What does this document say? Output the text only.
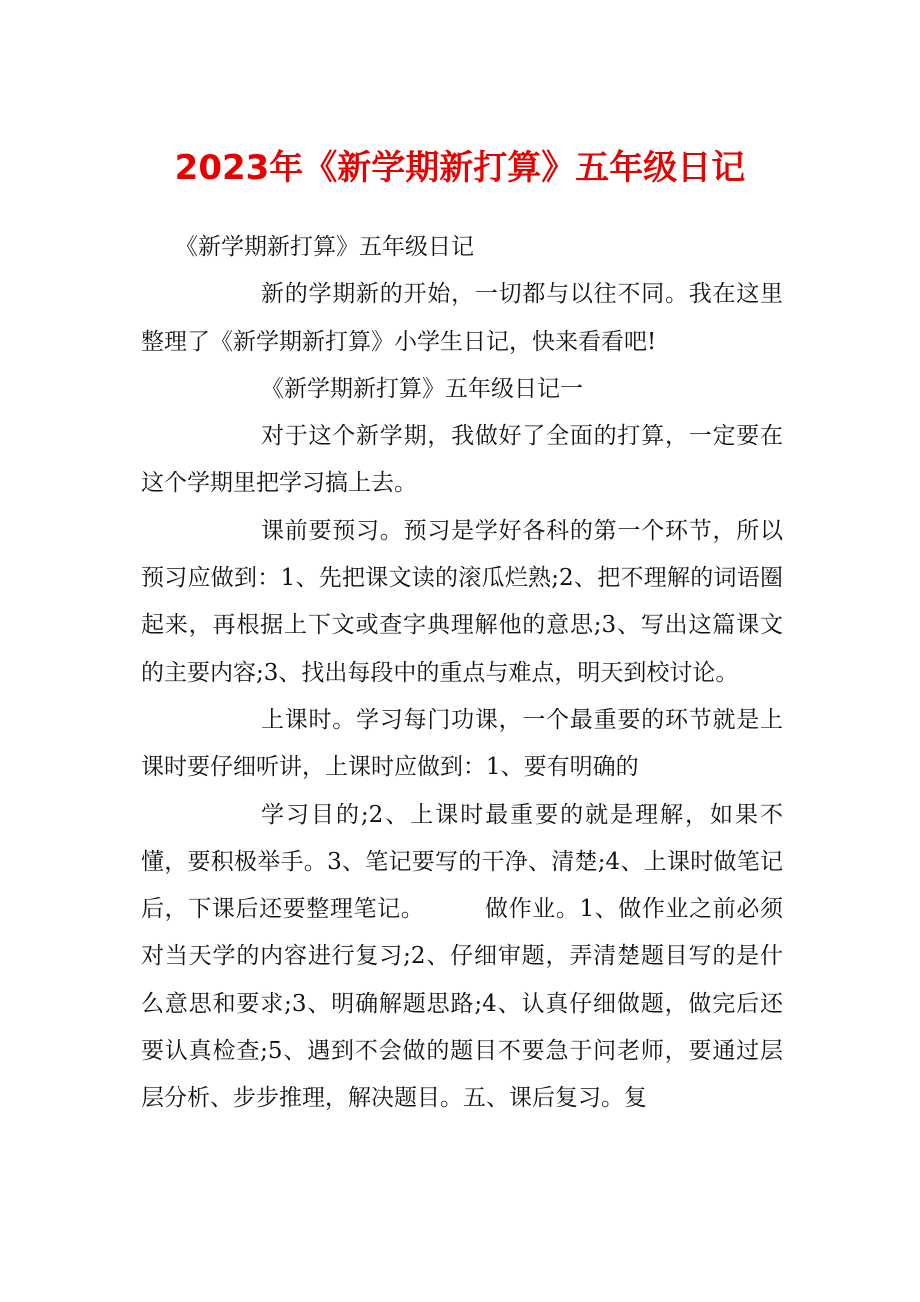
2023年《新学期新打算》五年级日记

《新学期新打算》五年级日记

新的学期新的开始，一切都与以往不同。我在这里整理了《新学期新打算》小学生日记，快来看看吧!

《新学期新打算》五年级日记一

对于这个新学期，我做好了全面的打算，一定要在这个学期里把学习搞上去。

课前要预习。预习是学好各科的第一个环节，所以预习应做到：1、先把课文读的滚瓜烂熟;2、把不理解的词语圈起来，再根据上下文或查字典理解他的意思;3、写出这篇课文的主要内容;3、找出每段中的重点与难点，明天到校讨论。

上课时。学习每门功课，一个最重要的环节就是上课时要仔细听讲，上课时应做到：1、要有明确的

学习目的;2、上课时最重要的就是理解，如果不懂，要积极举手。3、笔记要写的干净、清楚;4、上课时做笔记后，下课后还要整理笔记。	做作业。1、做作业之前必须对当天学的内容进行复习;2、仔细审题，弄清楚题目写的是什么意思和要求;3、明确解题思路;4、认真仔细做题，做完后还要认真检查;5、遇到不会做的题目不要急于问老师，要通过层层分析、步步推理，解决题目。五、课后复习。复
